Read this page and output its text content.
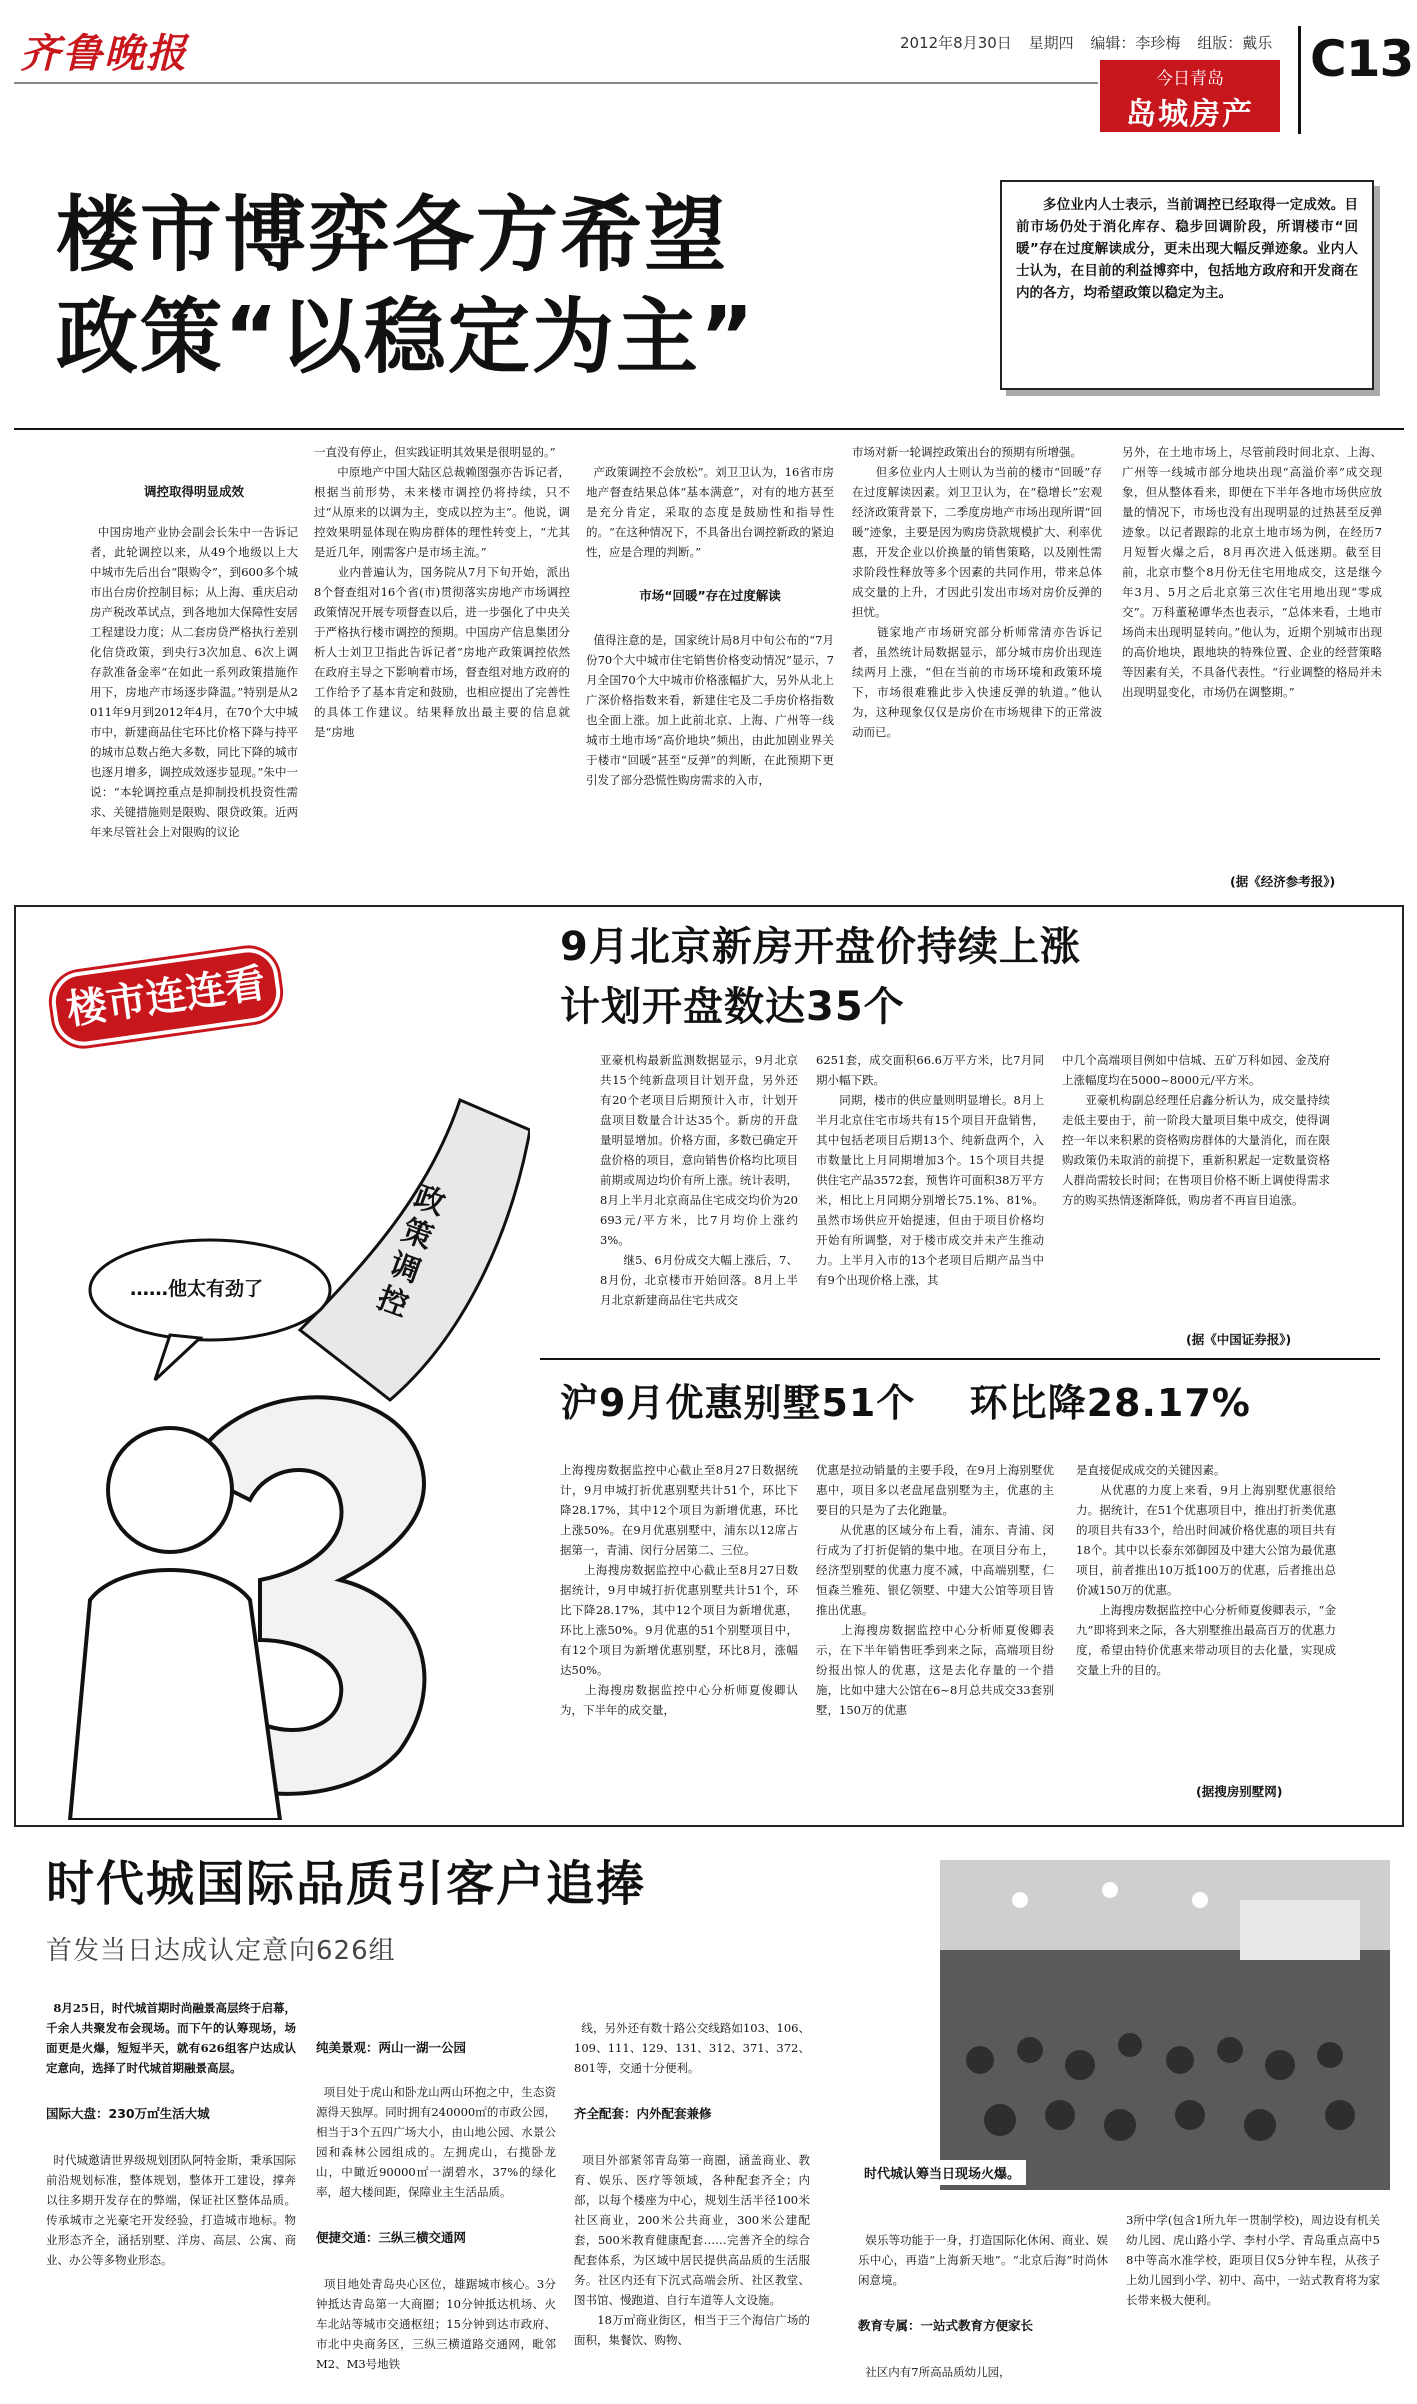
齐鲁晚报	2012年8月30日 星期四 编辑：李珍梅 组版：戴乐
今日青岛
岛城房产
C13
楼市博弈各方希望
政策“以稳定为主”
多位业内人士表示，当前调控已经取得一定成效。目前市场仍处于消化库存、稳步回调阶段，所谓楼市“回暖”存在过度解读成分，更未出现大幅反弹迹象。业内人士认为，在目前的利益博弈中，包括地方政府和开发商在内的各方，均希望政策以稳定为主。

调控取得明显成效

中国房地产业协会副会长朱中一告诉记者，此轮调控以来，从49个地级以上大中城市先后出台“限购令”，到600多个城市出台房价控制目标；从上海、重庆启动房产税改革试点，到各地加大保障性安居工程建设力度；从二套房贷严格执行差别化信贷政策，到央行3次加息、6次上调存款准备金率“在如此一系列政策措施作用下，房地产市场逐步降温。”特别是从2011年9月到2012年4月，在70个大中城市中，新建商品住宅环比价格下降与持平的城市总数占绝大多数，同比下降的城市也逐月增多，调控成效逐步显现。”朱中一说：“本轮调控重点是抑制投机投资性需求、关键措施则是限购、限贷政策。近两年来尽管社会上对限购的议论

一直没有停止，但实践证明其效果是很明显的。”
　　中原地产中国大陆区总裁赖图强亦告诉记者，根据当前形势，未来楼市调控仍将持续，只不过“从原来的以调为主，变成以控为主”。他说，调控效果明显体现在购房群体的理性转变上，“尤其是近几年，刚需客户是市场主流。”
　　业内普遍认为，国务院从7月下旬开始，派出8个督查组对16个省(市)贯彻落实房地产市场调控政策情况开展专项督查以后，进一步强化了中央关于严格执行楼市调控的预期。中国房产信息集团分析人士刘卫卫指此告诉记者“房地产政策调控依然在政府主导之下影响着市场，督查组对地方政府的工作给予了基本肯定和鼓励，也相应提出了完善性的具体工作建议。结果释放出最主要的信息就是“房地

产政策调控不会放松”。刘卫卫认为，16省市房地产督查结果总体“基本满意”，对有的地方甚至是充分肯定，采取的态度是鼓励性和指导性的。“在这种情况下，不具备出台调控新政的紧迫性，应是合理的判断。”

市场“回暖”存在过度解读

值得注意的是，国家统计局8月中旬公布的“7月份70个大中城市住宅销售价格变动情况”显示，7月全国70个大中城市价格涨幅扩大，另外从北上广深价格指数来看，新建住宅及二手房价格指数也全面上涨。加上此前北京、上海、广州等一线城市土地市场“高价地块”频出，由此加剧业界关于楼市“回暖”甚至“反弹”的判断，在此预期下更引发了部分恐慌性购房需求的入市，

市场对新一轮调控政策出台的预期有所增强。
　　但多位业内人士则认为当前的楼市“回暖”存在过度解读因素。刘卫卫认为，在“稳增长”宏观经济政策背景下，二季度房地产市场出现所谓“回暖”迹象，主要是因为购房贷款规模扩大、利率优惠，开发企业以价换量的销售策略，以及刚性需求阶段性释放等多个因素的共同作用，带来总体成交量的上升，才因此引发出市场对房价反弹的担忧。
　　链家地产市场研究部分析师常清亦告诉记者，虽然统计局数据显示，部分城市房价出现连续两月上涨，“但在当前的市场环境和政策环境下，市场很难雅此步入快速反弹的轨道。”他认为，这种现象仅仅是房价在市场规律下的正常波动而已。
另外，在土地市场上，尽管前段时间北京、上海、广州等一线城市部分地块出现“高溢价率”成交现象，但从整体看来，即便在下半年各地市场供应放量的情况下，市场也没有出现明显的过热甚至反弹迹象。以记者跟踪的北京土地市场为例，在经历7月短暂火爆之后，8月再次进入低迷期。截至目前，北京市整个8月份无住宅用地成交，这是继今年3月、5月之后北京第三次住宅用地出现“零成交”。万科董秘谭华杰也表示，“总体来看，土地市场尚未出现明显转向。”他认为，近期个别城市出现的高价地块，跟地块的特殊位置、企业的经营策略等因素有关，不具备代表性。“行业调整的格局并未出现明显变化，市场仍在调整期。”
(据《经济参考报》)
楼市连连看
……他太有劲了
政策调控
9月北京新房开盘价持续上涨
计划开盘数达35个
亚豪机构最新监测数据显示，9月北京共15个纯新盘项目计划开盘，另外还有20个老项目后期预计入市，计划开盘项目数量合计达35个。新房的开盘量明显增加。价格方面，多数已确定开盘价格的项目，意向销售价格均比项目前期或周边均价有所上涨。统计表明，8月上半月北京商品住宅成交均价为20693元/平方米，比7月均价上涨约3%。
　　继5、6月份成交大幅上涨后，7、8月份，北京楼市开始回落。8月上半月北京新建商品住宅共成交
6251套，成交面积66.6万平方米，比7月同期小幅下跌。
　　同期，楼市的供应量则明显增长。8月上半月北京住宅市场共有15个项目开盘销售，其中包括老项目后期13个、纯新盘两个，入市数量比上月同期增加3个。15个项目共提供住宅产品3572套，预售许可面积38万平方米，相比上月同期分别增长75.1%、81%。虽然市场供应开始提速，但由于项目价格均开始有所调整，对于楼市成交并未产生推动力。上半月入市的13个老项目后期产品当中有9个出现价格上涨，其
中几个高端项目例如中信城、五矿万科如园、金茂府上涨幅度均在5000~8000元/平方米。
　　亚豪机构副总经理任启鑫分析认为，成交量持续走低主要由于，前一阶段大量项目集中成交，使得调控一年以来积累的资格购房群体的大量消化，而在限购政策仍未取消的前提下，重新积累起一定数量资格人群尚需较长时间；在售项目价格不断上调使得需求方的购买热情逐渐降低，购房者不再盲目追涨。
(据《中国证券报》)
沪9月优惠别墅51个 环比降28.17%
上海搜房数据监控中心截止至8月27日数据统计，9月申城打折优惠别墅共计51个，环比下降28.17%，其中12个项目为新增优惠，环比上涨50%。在9月优惠别墅中，浦东以12席占据第一，青浦、闵行分居第二、三位。
　　上海搜房数据监控中心截止至8月27日数据统计，9月申城打折优惠别墅共计51个，环比下降28.17%，其中12个项目为新增优惠，环比上涨50%。9月优惠的51个别墅项目中，有12个项目为新增优惠别墅，环比8月，涨幅达50%。
　　上海搜房数据监控中心分析师夏俊卿认为，下半年的成交量，
优惠是拉动销量的主要手段，在9月上海别墅优惠中，项目多以老盘尾盘别墅为主，优惠的主要目的只是为了去化跑量。
　　从优惠的区域分布上看，浦东、青浦、闵行成为了打折促销的集中地。在项目分布上，经济型别墅的优惠力度不减，中高端别墅，仁恒森兰雅苑、银亿领墅、中建大公馆等项目皆推出优惠。
　　上海搜房数据监控中心分析师夏俊卿表示，在下半年销售旺季到来之际，高端项目纷纷报出惊人的优惠，这是去化存量的一个措施，比如中建大公馆在6~8月总共成交33套别墅，150万的优惠
是直接促成成交的关键因素。
　　从优惠的力度上来看，9月上海别墅优惠很给力。据统计，在51个优惠项目中，推出打折类优惠的项目共有33个，给出时间减价格优惠的项目共有18个。其中以长泰东郊御园及中建大公馆为最优惠项目，前者推出10万抵100万的优惠，后者推出总价减150万的优惠。
　　上海搜房数据监控中心分析师夏俊卿表示，“金九”即将到来之际，各大别墅推出最高百万的优惠力度，希望由特价优惠来带动项目的去化量，实现成交量上升的目的。
(据搜房别墅网)
时代城国际品质引客户追捧
首发当日达成认定意向626组
时代城认筹当日现场火爆。

8月25日，时代城首期时尚融景高层终于启幕，千余人共聚发布会现场。而下午的认筹现场，场面更是火爆，短短半天，就有626组客户达成认定意向，选择了时代城首期融景高层。

国际大盘：230万㎡生活大城

时代城邀请世界级规划团队阿特金斯，秉承国际前沿规划标准，整体规划，整体开工建设，撑奔以往多期开发存在的弊端，保证社区整体品质。传承城市之光豪宅开发经验，打造城市地标。物业形态齐全，涵括别墅、洋房、高层、公寓、商业、办公等多物业形态。

纯美景观：两山一湖一公园

项目处于虎山和卧龙山两山环抱之中，生态资源得天独厚。同时拥有240000㎡的市政公园，相当于3个五四广场大小，由山地公园、水景公园和森林公园组成的。左拥虎山，右揽卧龙山，中瞰近90000㎡一湖碧水，37%的绿化率，超大楼间距，保障业主生活品质。

便捷交通：三纵三横交通网

项目地处青岛央心区位，雄踞城市核心。3分钟抵达青岛第一大商圈；10分钟抵达机场、火车北站等城市交通枢纽；15分钟到达市政府、市北中央商务区，三纵三横道路交通网，毗邻M2、M3号地铁

线，另外还有数十路公交线路如103、106、109、111、129、131、312、371、372、801等，交通十分便利。

齐全配套：内外配套兼修

项目外部紧邻青岛第一商圈，涵盖商业、教育、娱乐、医疗等领域，各种配套齐全；内部，以每个楼座为中心，规划生活半径100米社区商业，200米公共商业，300米公建配套，500米教育健康配套……完善齐全的综合配套体系，为区域中居民提供高品质的生活服务。社区内还有下沉式高端会所、社区教堂、图书馆、慢跑道、自行车道等人文设施。
　　18万㎡商业街区，相当于三个海信广场的面积，集餐饮、购物、

娱乐等功能于一身，打造国际化休闲、商业、娱乐中心，再造“上海新天地”。“北京后海”时尚休闲意境。

教育专属：一站式教育方便家长

社区内有7所高品质幼儿园，

3所中学(包含1所九年一贯制学校)，周边设有机关幼儿园、虎山路小学、李村小学、青岛重点高中58中等高水准学校，距项目仅5分钟车程，从孩子上幼儿园到小学、初中、高中，一站式教育将为家长带来极大便利。
